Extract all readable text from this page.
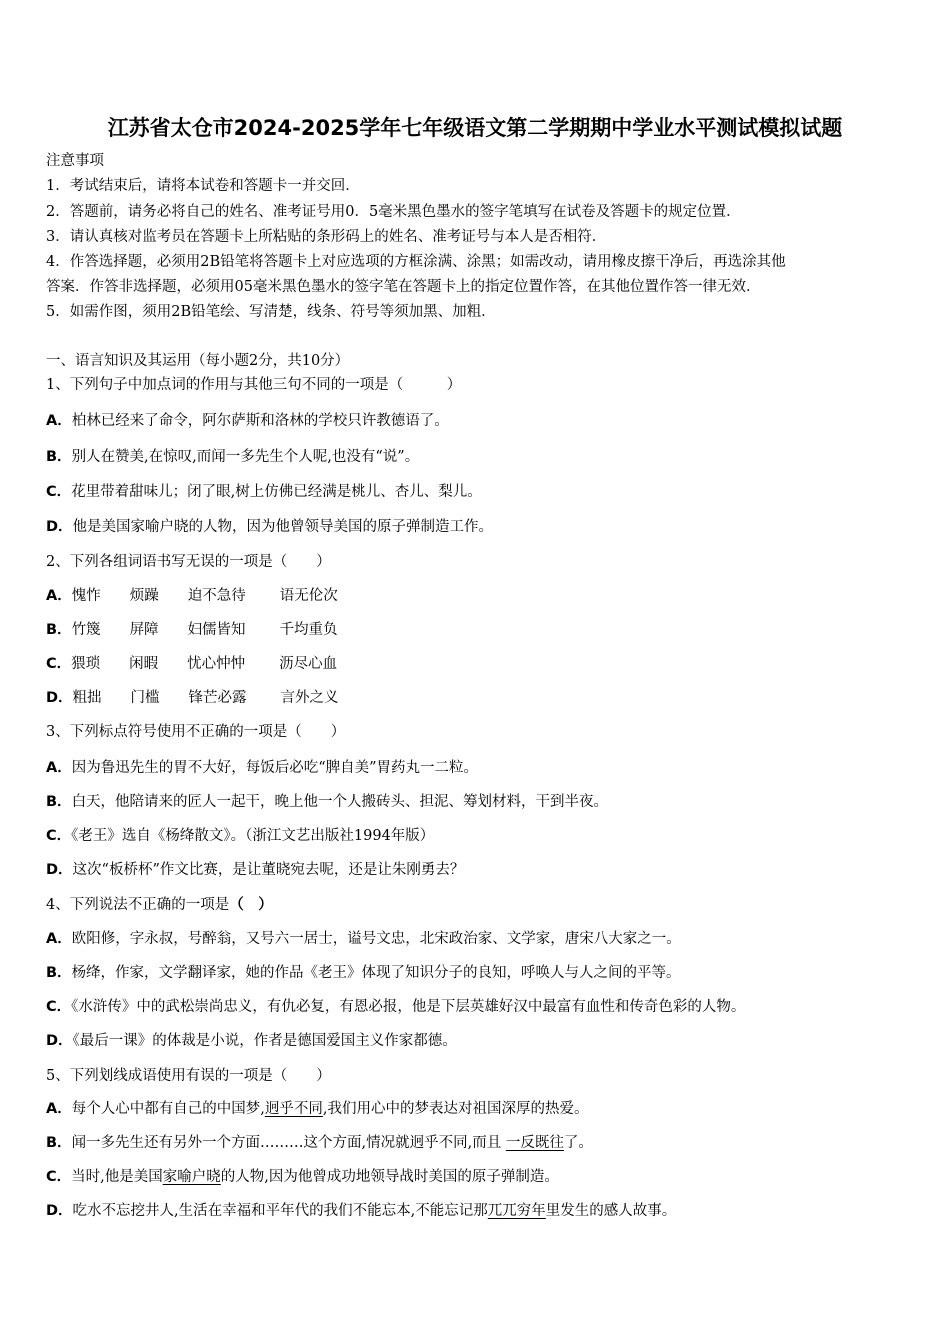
江苏省太仓市2024-2025学年七年级语文第二学期期中学业水平测试模拟试题
注意事项
1．考试结束后，请将本试卷和答题卡一并交回．
2．答题前，请务必将自己的姓名、准考证号用0．5毫米黑色墨水的签字笔填写在试卷及答题卡的规定位置．
3．请认真核对监考员在答题卡上所粘贴的条形码上的姓名、准考证号与本人是否相符．
4．作答选择题，必须用2B铅笔将答题卡上对应选项的方框涂满、涂黑；如需改动，请用橡皮擦干净后，再选涂其他
答案．作答非选择题，必须用05毫米黑色墨水的签字笔在答题卡上的指定位置作答，在其他位置作答一律无效．
5．如需作图，须用2B铅笔绘、写清楚，线条、符号等须加黑、加粗．
一、语言知识及其运用（每小题2分，共10分）
1、下列句子中加点词的作用与其他三句不同的一项是（　　　）
A．柏林已经来了命令，阿尔萨斯和洛林的学校只许教德语了。
B．别人在赞美,在惊叹,而闻一多先生个人呢,也没有“说”。
C．花里带着甜味儿；闭了眼,树上仿佛已经满是桃儿、杏儿、梨儿。
D．他是美国家喻户晓的人物，因为他曾领导美国的原子弹制造工作。
2、下列各组词语书写无误的一项是（　　）
A．愧怍 烦躁 迫不急待 语无伦次
B．竹篾 屏障 妇儒皆知 千均重负
C．猥琐 闲暇 忧心忡忡 沥尽心血
D．粗拙 门槛 锋芒必露 言外之义
3、下列标点符号使用不正确的一项是（　　）
A．因为鲁迅先生的胃不大好，每饭后必吃“脾自美”胃药丸一二粒。
B．白天，他陪请来的匠人一起干，晚上他一个人搬砖头、担泥、筹划材料，干到半夜。
C．《老王》选自《杨绛散文》。（浙江文艺出版社1994年版）
D．这次“板桥杯”作文比赛，是让董晓宛去呢，还是让朱刚勇去？
4、下列说法不正确的一项是（　）
A．欧阳修，字永叔，号醉翁，又号六一居士，谥号文忠，北宋政治家、文学家，唐宋八大家之一。
B．杨绛，作家，文学翻译家，她的作品《老王》体现了知识分子的良知，呼唤人与人之间的平等。
C．《水浒传》中的武松崇尚忠义，有仇必复，有恩必报，他是下层英雄好汉中最富有血性和传奇色彩的人物。
D．《最后一课》的体裁是小说，作者是德国爱国主义作家都德。
5、下列划线成语使用有误的一项是（　　）
A．每个人心中都有自己的中国梦,迥乎不同,我们用心中的梦表达对祖国深厚的热爱。
B．闻一多先生还有另外一个方面………这个方面,情况就迥乎不同,而且 一反既往了。
C．当时,他是美国家喻户晓的人物,因为他曾成功地领导战时美国的原子弹制造。
D．吃水不忘挖井人,生活在幸福和平年代的我们不能忘本,不能忘记那兀兀穷年里发生的感人故事。
